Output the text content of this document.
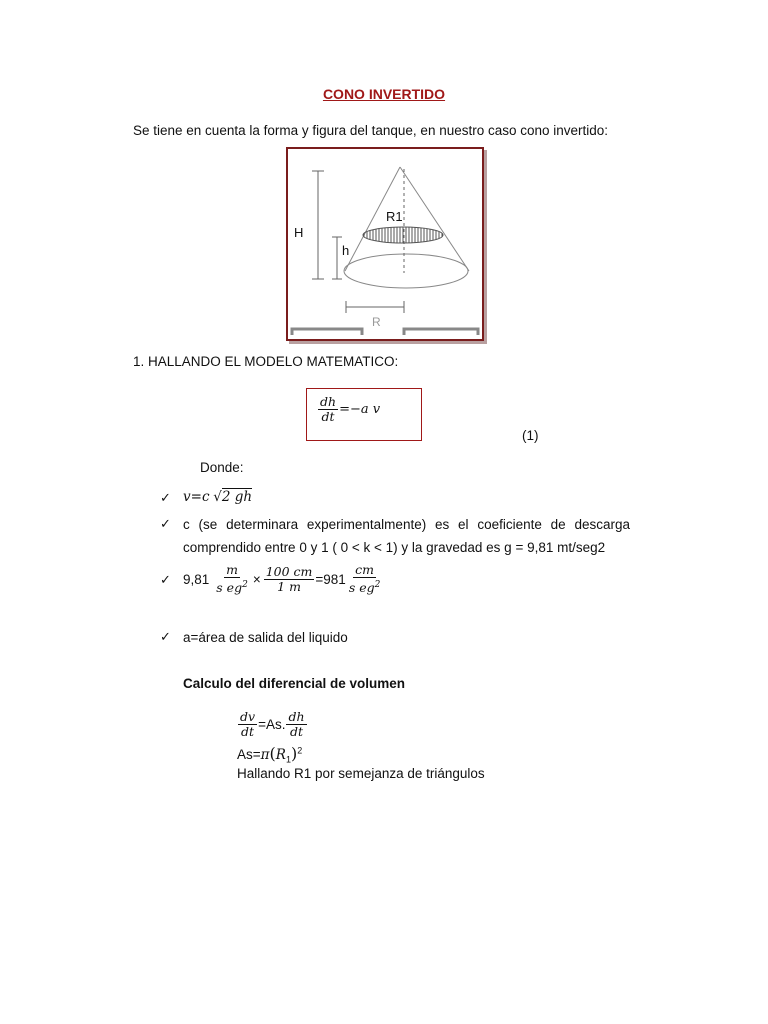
CONO INVERTIDO
Se tiene en cuenta la forma y figura del tanque, en nuestro caso cono invertido:
R1
H
h
R
1. HALLANDO EL MODELO MATEMATICO:
$\frac{dh}{dt} =-a$ v
(1)
Donde:
✓ v=c √2 gh
✓ c (se determinara experimentalmente) es el coeficiente de descarga
comprendido entre 0 y 1 ( 0 < k < 1) y la gravedad es g = 9,81 mt/seg2
✓ $9,81 \frac{m}{s eg^2} \times \frac{100 cm}{1 m} =981 \frac{cm}{s eg^2}$
✓ a=área de salida del liquido
Calculo del diferencial de volumen
$\frac{dv}{dt} =As$. $\frac{dh}{dt}$
$As=\pi(R_1)^2$
Hallando R1 por semejanza de triángulos
